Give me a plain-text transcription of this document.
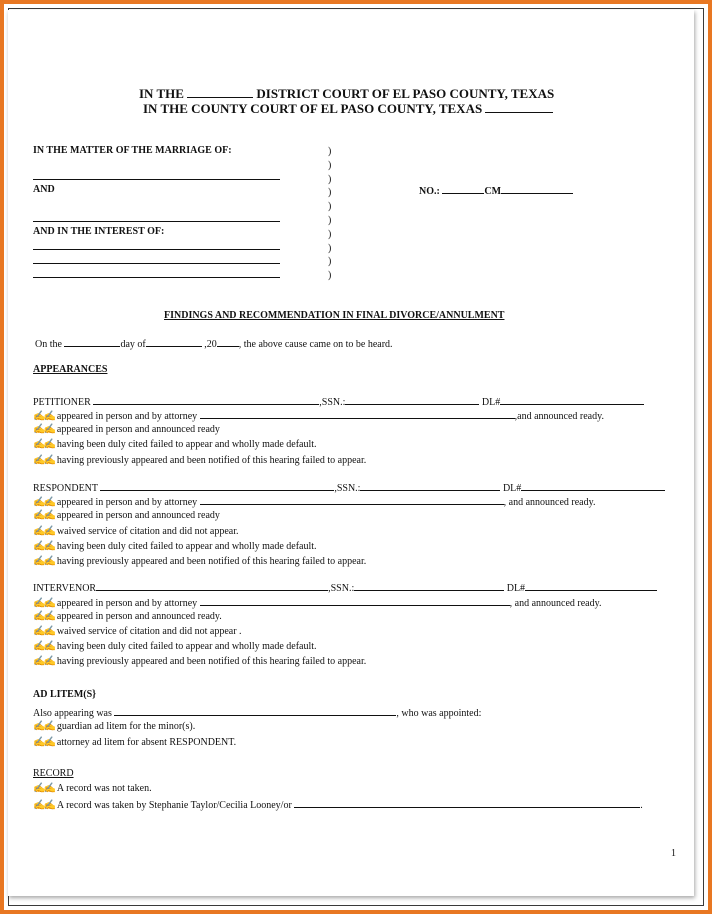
IN THE	DISTRICT COURT OF EL PASO COUNTY, TEXAS
IN THE COUNTY COURT OF EL PASO COUNTY, TEXAS
IN THE MATTER OF THE MARRIAGE OF:
AND
AND IN THE INTEREST OF:
)
)
)
)
)
)
)
)
)
)
NO.:	CM
FINDINGS AND RECOMMENDATION IN FINAL DIVORCE/ANNULMENT
On the	day of	,20 , the above cause came on to be heard.
APPEARANCES
PETITIONER	,SSN.:	DL#
✍✍ appeared in person and by attorney	,and announced ready.
✍✍ appeared in person and announced ready
✍✍ having been duly cited failed to appear and wholly made default.
✍✍ having previously appeared and been notified of this hearing failed to appear.
RESPONDENT	,SSN.:	DL#
✍✍ appeared in person and by attorney	, and announced ready.
✍✍ appeared in person and announced ready
✍✍ waived service of citation and did not appear.
✍✍ having been duly cited failed to appear and wholly made default.
✍✍ having previously appeared and been notified of this hearing failed to appear.
INTERVENOR	,SSN.:	DL#
✍✍ appeared in person and by attorney	, and announced ready.
✍✍ appeared in person and announced ready.
✍✍ waived service of citation and did not appear .
✍✍ having been duly cited failed to appear and wholly made default.
✍✍ having previously appeared and been notified of this hearing failed to appear.
AD LITEM(S}
Also appearing was	, who was appointed:
✍✍ guardian ad litem for the minor(s).
✍✍ attorney ad litem for absent RESPONDENT.
RECORD
✍✍ A record was not taken.
✍✍ A record was taken by Stephanie Taylor/Cecilia Looney/or	.
1
